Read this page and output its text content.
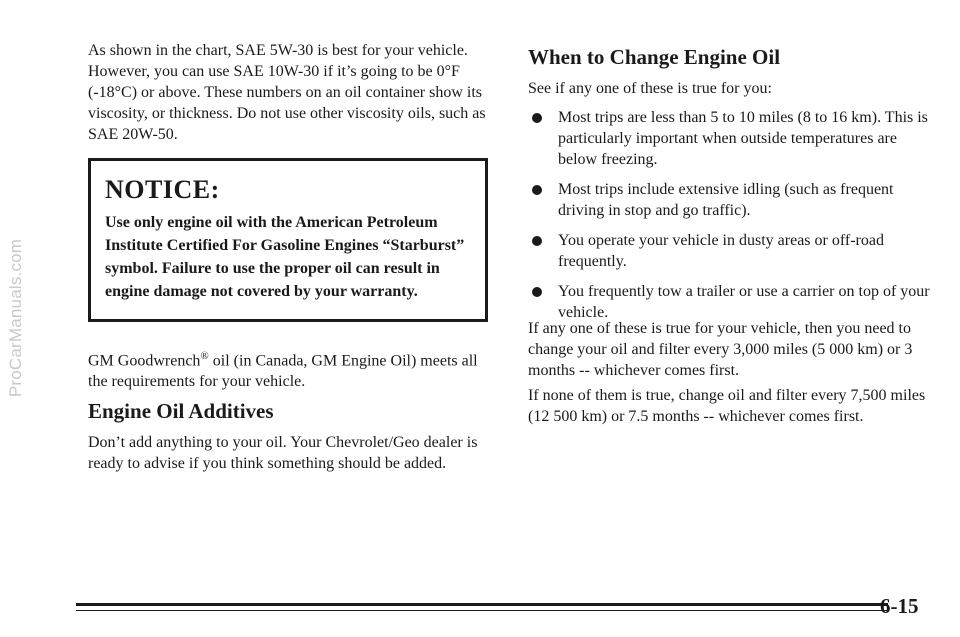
ProCarManuals.com

As shown in the chart, SAE 5W-30 is best for your vehicle. However, you can use SAE 10W-30 if it’s going to be 0°F (-18°C) or above. These numbers on an oil container show its viscosity, or thickness. Do not use other viscosity oils, such as SAE 20W-50.

NOTICE:
Use only engine oil with the American Petroleum Institute Certified For Gasoline Engines “Starburst” symbol. Failure to use the proper oil can result in engine damage not covered by your warranty.

GM Goodwrench® oil (in Canada, GM Engine Oil) meets all the requirements for your vehicle.

Engine Oil Additives

Don’t add anything to your oil. Your Chevrolet/Geo dealer is ready to advise if you think something should be added.

When to Change Engine Oil

See if any one of these is true for you:

Most trips are less than 5 to 10 miles (8 to 16 km). This is particularly important when outside temperatures are below freezing.
Most trips include extensive idling (such as frequent driving in stop and go traffic).
You operate your vehicle in dusty areas or off-road frequently.
You frequently tow a trailer or use a carrier on top of your vehicle.

If any one of these is true for your vehicle, then you need to change your oil and filter every 3,000 miles (5 000 km) or 3 months -- whichever comes first.

If none of them is true, change oil and filter every 7,500 miles (12 500 km) or 7.5 months -- whichever comes first.

6-15
